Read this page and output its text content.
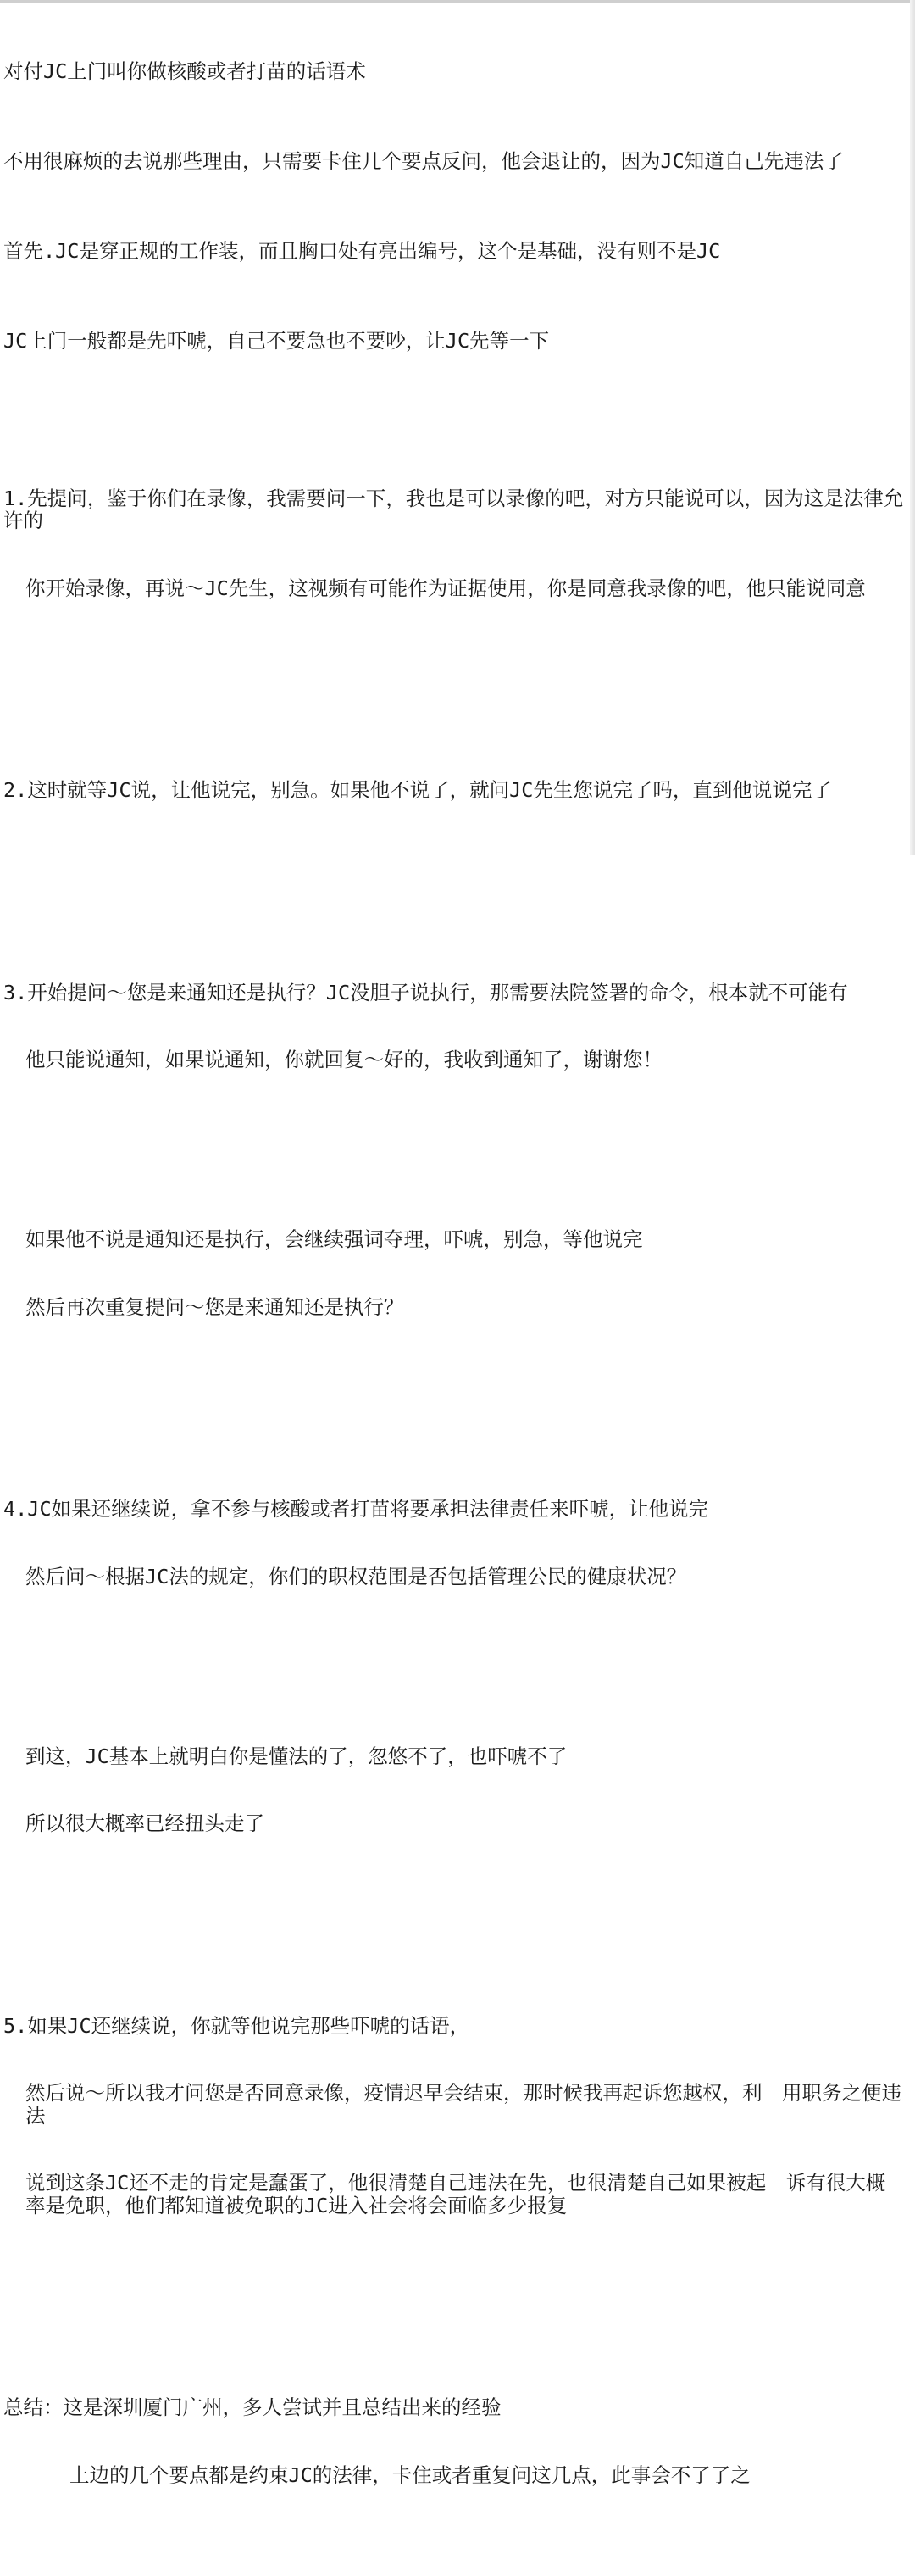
对付JC上门叫你做核酸或者打苗的话语术

不用很麻烦的去说那些理由，只需要卡住几个要点反问，他会退让的，因为JC知道自己先违法了

首先.JC是穿正规的工作装，而且胸口处有亮出编号，这个是基础，没有则不是JC

JC上门一般都是先吓唬，自己不要急也不要吵，让JC先等一下

1.先提问，鉴于你们在录像，我需要问一下，我也是可以录像的吧，对方只能说可以，因为这是法律允许的

你开始录像，再说～JC先生，这视频有可能作为证据使用，你是同意我录像的吧，他只能说同意

2.这时就等JC说，让他说完，别急。如果他不说了，就问JC先生您说完了吗，直到他说说完了

3.开始提问～您是来通知还是执行？JC没胆子说执行，那需要法院签署的命令，根本就不可能有

他只能说通知，如果说通知，你就回复～好的，我收到通知了，谢谢您！

如果他不说是通知还是执行，会继续强词夺理，吓唬，别急，等他说完

然后再次重复提问～您是来通知还是执行？

4.JC如果还继续说，拿不参与核酸或者打苗将要承担法律责任来吓唬，让他说完

然后问～根据JC法的规定，你们的职权范围是否包括管理公民的健康状况？

到这，JC基本上就明白你是懂法的了，忽悠不了，也吓唬不了

所以很大概率已经扭头走了

5.如果JC还继续说，你就等他说完那些吓唬的话语，

然后说～所以我才问您是否同意录像，疫情迟早会结束，那时候我再起诉您越权，利　用职务之便违法

说到这条JC还不走的肯定是蠢蛋了，他很清楚自己违法在先，也很清楚自己如果被起　诉有很大概率是免职，他们都知道被免职的JC进入社会将会面临多少报复

总结：这是深圳厦门广州，多人尝试并且总结出来的经验

上边的几个要点都是约束JC的法律，卡住或者重复问这几点，此事会不了了之
